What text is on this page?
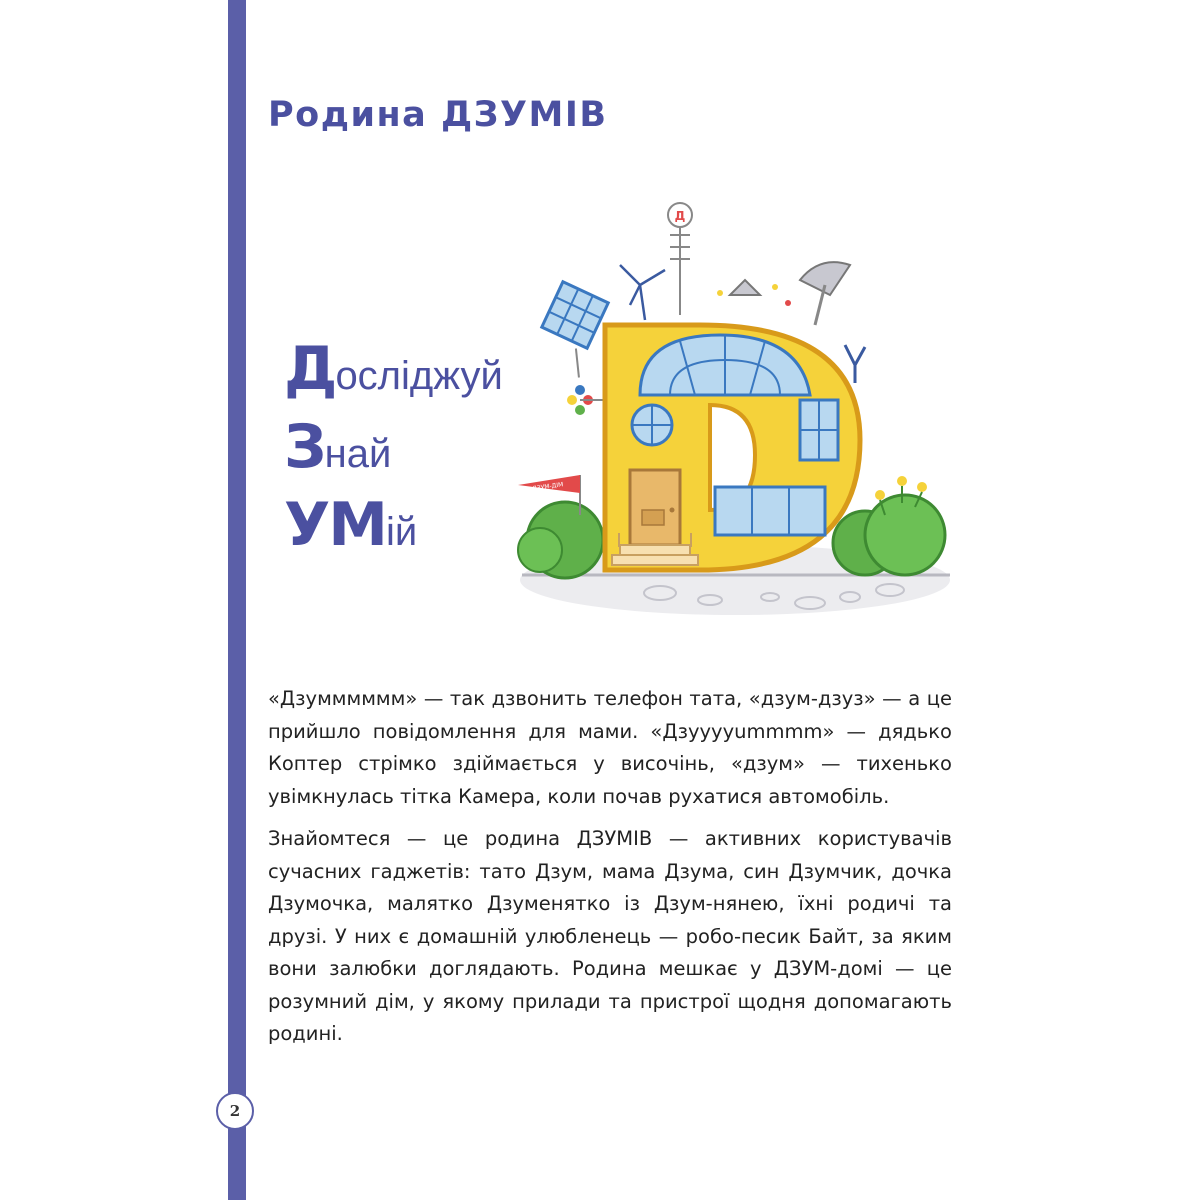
Родина ДЗУМІВ
Досліджуй
Знай
УМій
ДЗУМ-ДІМ
Д

«Дзумммммм» — так дзвонить телефон тата, «дзум-дзуз» — а це прийшло повідомлення для мами. «Дзууууummmm» — дядько Коптер стрімко здіймається у височінь, «дзум» — тихенько увімкнулась тітка Камера, коли почав рухатися автомобіль.

Знайомтеся — це родина ДЗУМІВ — активних користувачів сучасних гаджетів: тато Дзум, мама Дзума, син Дзумчик, дочка Дзумочка, малятко Дзуменятко із Дзум-нянею, їхні родичі та друзі. У них є домашній улюбленець — робо-песик Байт, за яким вони залюбки доглядають. Родина мешкає у ДЗУМ-домі — це розумний дім, у якому прилади та пристрої щодня допомагають родині.

2
